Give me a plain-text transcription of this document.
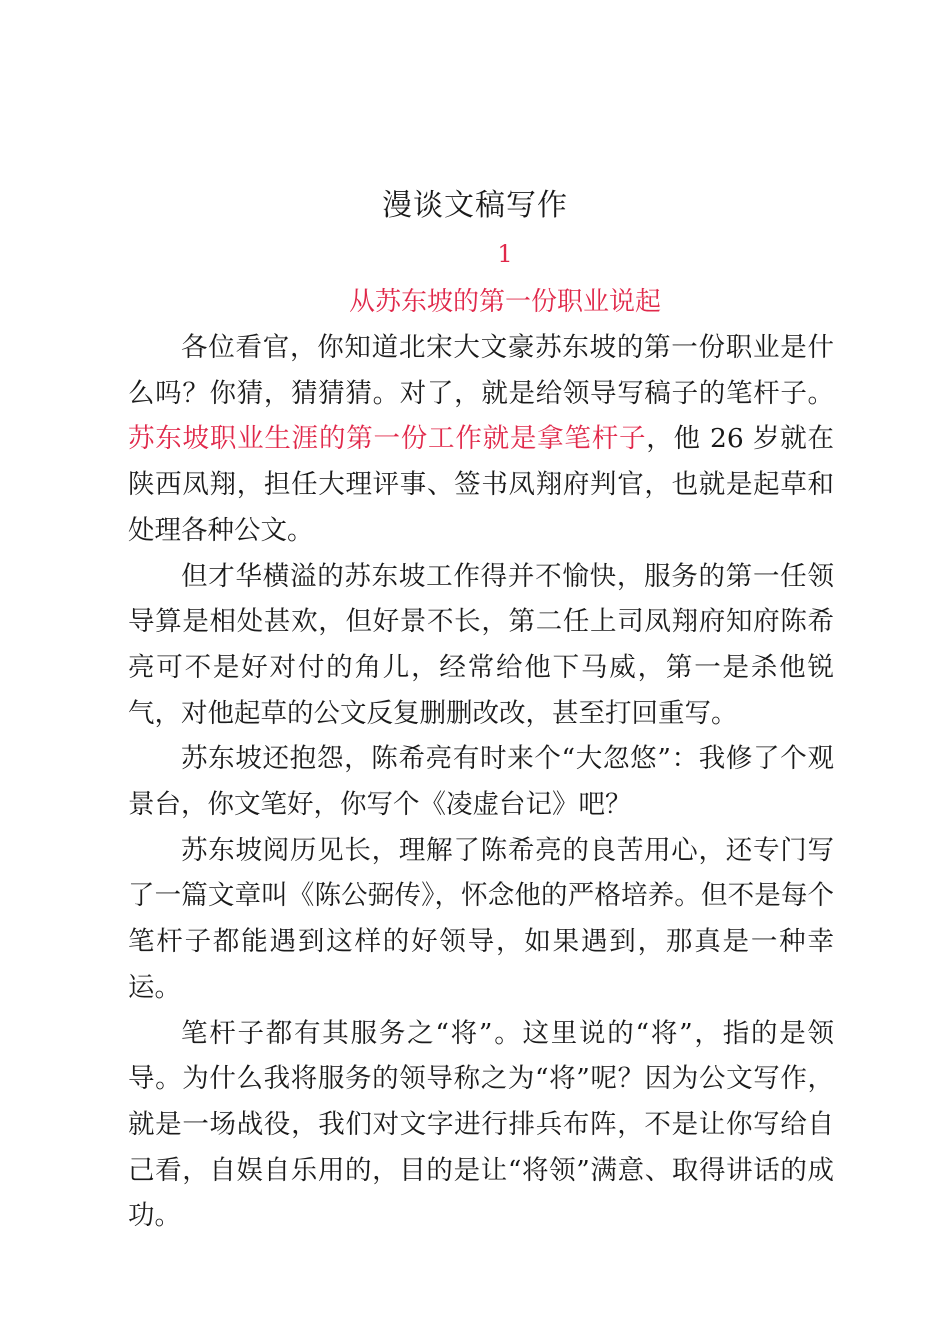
漫谈文稿写作
1
从苏东坡的第一份职业说起

各位看官，你知道北宋大文豪苏东坡的第一份职业是什么吗？你猜，猜猜猜。对了，就是给领导写稿子的笔杆子。苏东坡职业生涯的第一份工作就是拿笔杆子，他 26 岁就在陕西凤翔，担任大理评事、签书凤翔府判官，也就是起草和处理各种公文。

但才华横溢的苏东坡工作得并不愉快，服务的第一任领导算是相处甚欢，但好景不长，第二任上司凤翔府知府陈希亮可不是好对付的角儿，经常给他下马威，第一是杀他锐气，对他起草的公文反复删删改改，甚至打回重写。

苏东坡还抱怨，陈希亮有时来个“大忽悠”：我修了个观景台，你文笔好，你写个《凌虚台记》吧？

苏东坡阅历见长，理解了陈希亮的良苦用心，还专门写了一篇文章叫《陈公弼传》，怀念他的严格培养。但不是每个笔杆子都能遇到这样的好领导，如果遇到，那真是一种幸运。

笔杆子都有其服务之“将”。这里说的“将”，指的是领导。为什么我将服务的领导称之为“将”呢？因为公文写作，就是一场战役，我们对文字进行排兵布阵，不是让你写给自己看，自娱自乐用的，目的是让“将领”满意、取得讲话的成功。
